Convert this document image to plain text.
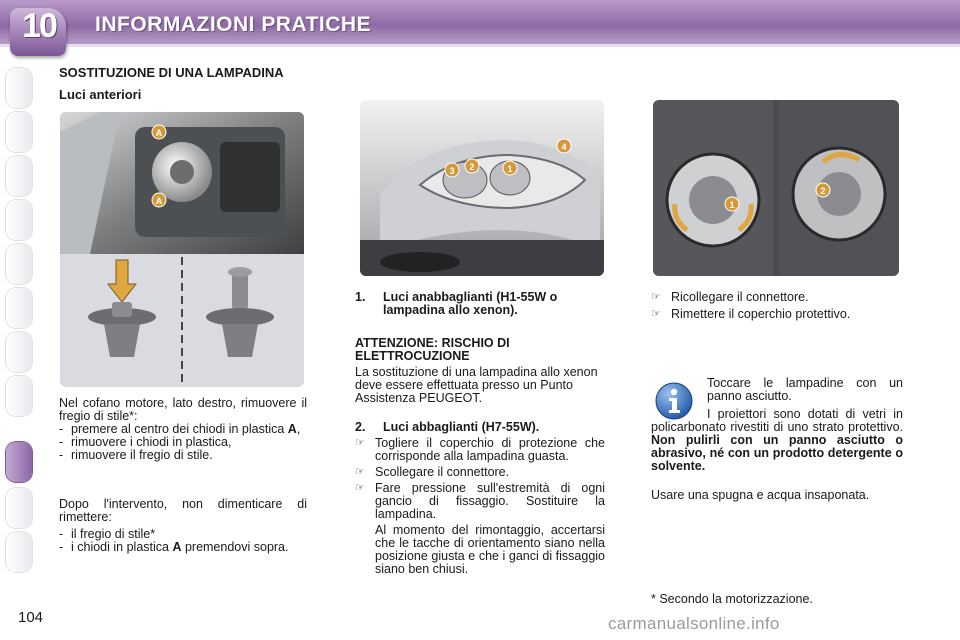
10	INFORMAZIONI PRATICHE
SOSTITUZIONE DI UNA LAMPADINA
Luci anteriori
A
A
3 2	1
4
1
2
Nel cofano motore, lato destro, rimuovere il fregio di stile*:
- premere al centro dei chiodi in plastica A,
- rimuovere i chiodi in plastica,
- rimuovere il fregio di stile.
Dopo l'intervento, non dimenticare di rimettere:
- il fregio di stile*
- i chiodi in plastica A premendovi sopra.
1. Luci anabbaglianti (H1-55W o lampadina allo xenon).
ATTENZIONE: RISCHIO DI ELETTROCUZIONE
La sostituzione di una lampadina allo xenon deve essere effettuata presso un Punto Assistenza PEUGEOT.
2. Luci abbaglianti (H7-55W).
☞ Togliere il coperchio di protezione che corrisponde alla lampadina guasta.
☞ Scollegare il connettore.
☞ Fare pressione sull'estremità di ogni gancio di fissaggio. Sostituire la lampadina.
Al momento del rimontaggio, accertarsi che le tacche di orientamento siano nella posizione giusta e che i ganci di fissaggio siano ben chiusi.
☞ Ricollegare il connettore.
☞ Rimettere il coperchio protettivo.
Toccare le lampadine con un panno asciutto.
I proiettori sono dotati di vetri in policarbonato rivestiti di uno strato protettivo. Non pulirli con un panno asciutto o abrasivo, né con un prodotto detergente o solvente.
Usare una spugna e acqua insaponata.
* Secondo la motorizzazione.
104	carmanualsonline.info
